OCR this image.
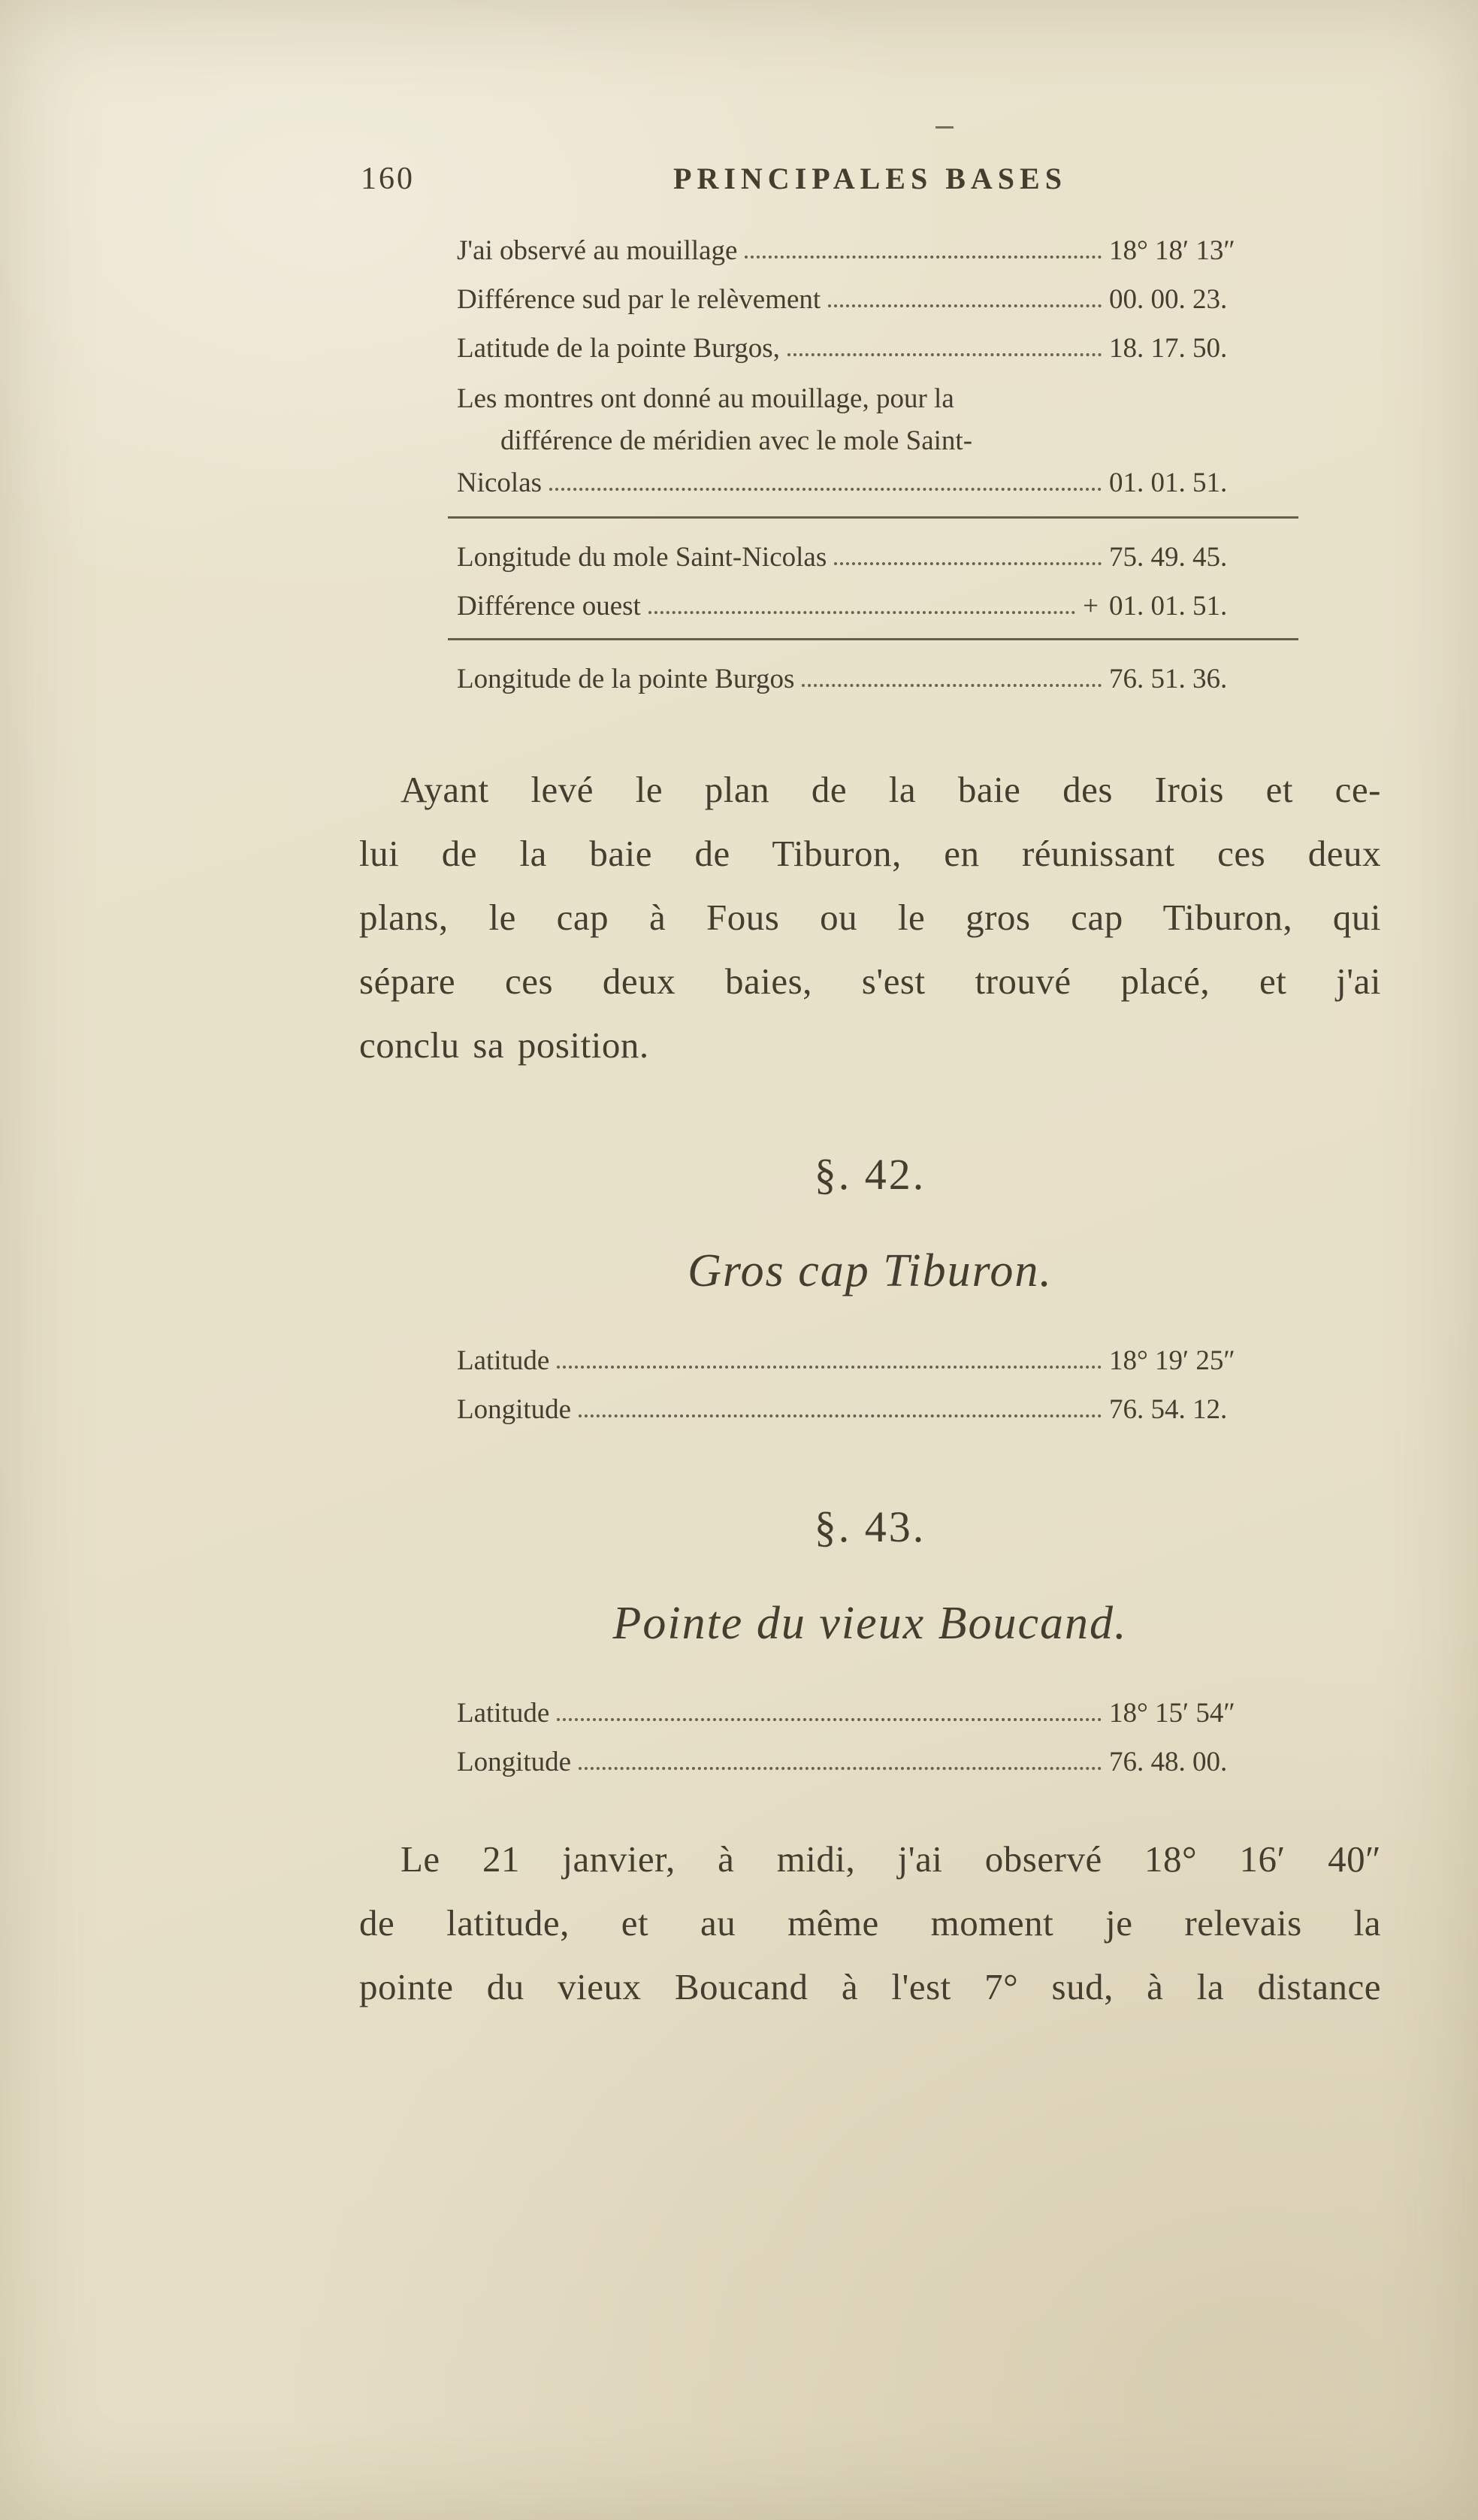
160	PRINCIPALES BASES
J'ai observé au mouillage	18° 18′ 13″
Différence sud par le relèvement	00. 00. 23.
Latitude de la pointe Burgos,	18. 17. 50.
Les montres ont donné au mouillage, pour la
différence de méridien avec le mole Saint-
Nicolas	01. 01. 51.
Longitude du mole Saint-Nicolas	75. 49. 45.
Différence ouest	+ 01. 01. 51.
Longitude de la pointe Burgos	76. 51. 36.
Ayant levé le plan de la baie des Irois et ce-
lui de la baie de Tiburon, en réunissant ces deux
plans, le cap à Fous ou le gros cap Tiburon, qui
sépare ces deux baies, s'est trouvé placé, et j'ai
conclu sa position.
§. 42.
Gros cap Tiburon.
Latitude	18° 19′ 25″
Longitude	76. 54. 12.
§. 43.
Pointe du vieux Boucand.
Latitude	18° 15′ 54″
Longitude	76. 48. 00.
Le 21 janvier, à midi, j'ai observé 18° 16′ 40″
de latitude, et au même moment je relevais la
pointe du vieux Boucand à l'est 7° sud, à la distance
